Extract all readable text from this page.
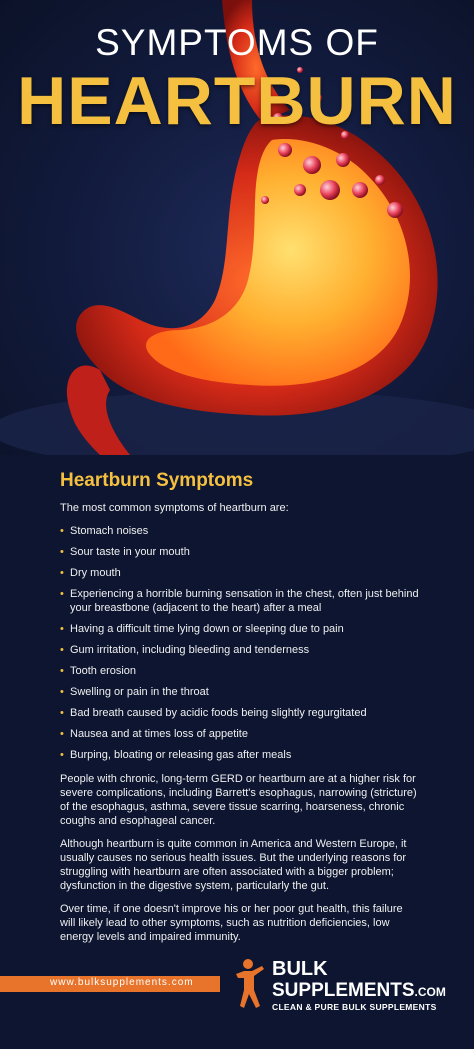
SYMPTOMS OF
HEARTBURN
Heartburn Symptoms

The most common symptoms of heartburn are:

• Stomach noises
• Sour taste in your mouth
• Dry mouth
• Experiencing a horrible burning sensation in the chest, often just behind your breastbone (adjacent to the heart) after a meal
• Having a difficult time lying down or sleeping due to pain
• Gum irritation, including bleeding and tenderness
• Tooth erosion
• Swelling or pain in the throat
• Bad breath caused by acidic foods being slightly regurgitated
• Nausea and at times loss of appetite
• Burping, bloating or releasing gas after meals

People with chronic, long-term GERD or heartburn are at a higher risk for severe complications, including Barrett's esophagus, narrowing (stricture) of the esophagus, asthma, severe tissue scarring, hoarseness, chronic coughs and esophageal cancer.

Although heartburn is quite common in America and Western Europe, it usually causes no serious health issues. But the underlying reasons for struggling with heartburn are often associated with a bigger problem; dysfunction in the digestive system, particularly the gut.

Over time, if one doesn't improve his or her poor gut health, this failure will likely lead to other symptoms, such as nutrition deficiencies, low energy levels and impaired immunity.

www.bulksupplements.com
BULK
SUPPLEMENTS.COM
CLEAN & PURE BULK SUPPLEMENTS
